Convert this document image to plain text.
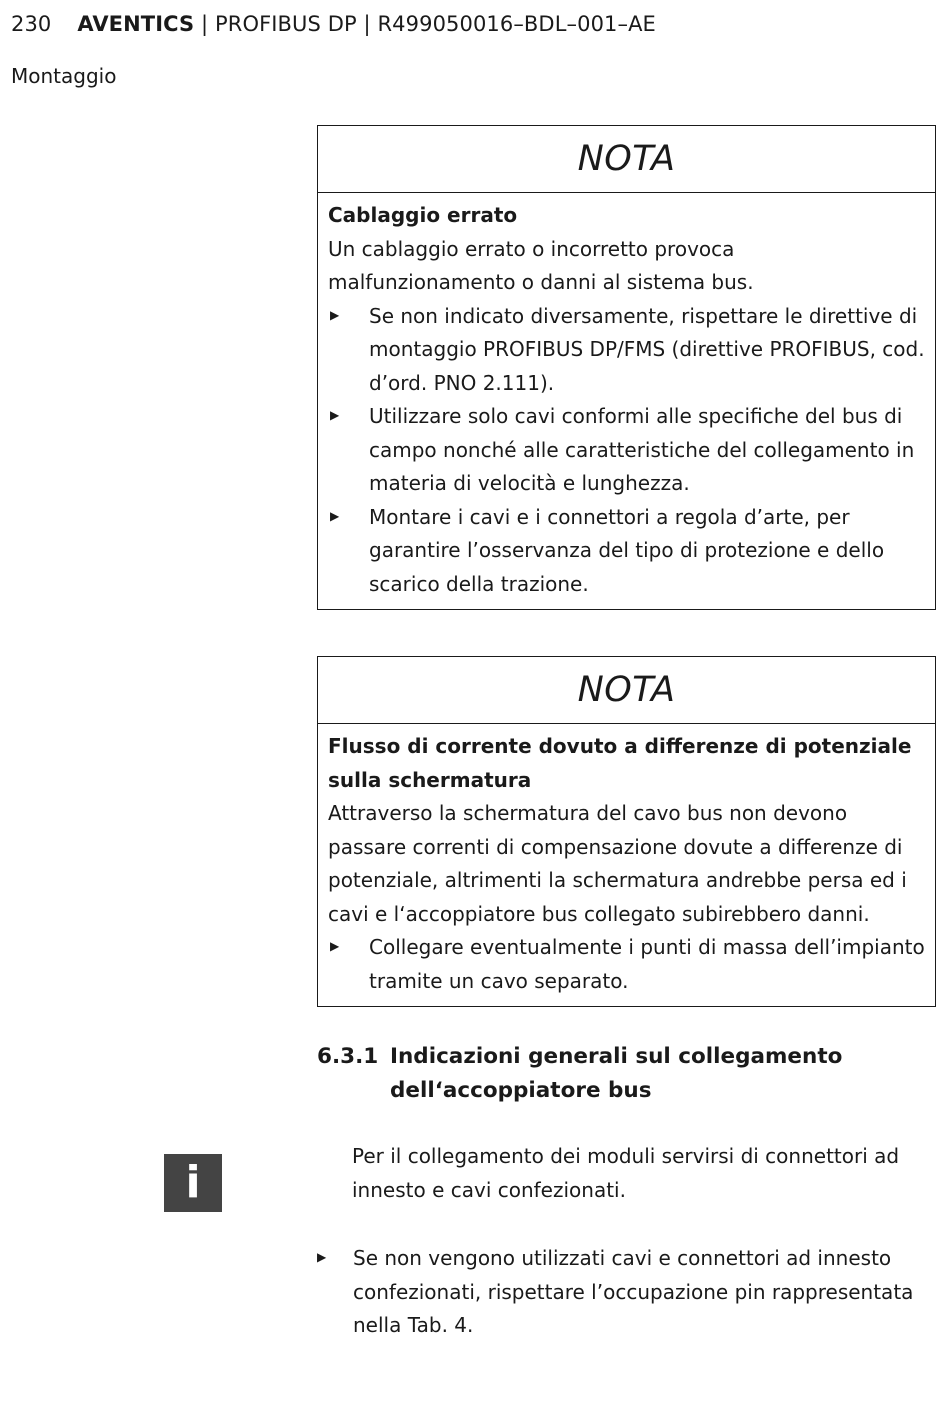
230 AVENTICS | PROFIBUS DP | R499050016–BDL–001–AE
Montaggio
NOTA
Cablaggio errato
Un cablaggio errato o incorretto provoca malfunzionamento o danni al sistema bus.
▶ Se non indicato diversamente, rispettare le direttive di montaggio PROFIBUS DP/FMS (direttive PROFIBUS, cod. d’ord. PNO 2.111).
▶ Utilizzare solo cavi conformi alle specifiche del bus di campo nonché alle caratteristiche del collegamento in materia di velocità e lunghezza.
▶ Montare i cavi e i connettori a regola d’arte, per garantire l’osservanza del tipo di protezione e dello scarico della trazione.
NOTA
Flusso di corrente dovuto a differenze di potenziale sulla schermatura
Attraverso la schermatura del cavo bus non devono passare correnti di compensazione dovute a differenze di potenziale, altrimenti la schermatura andrebbe persa ed i cavi e l‘accoppiatore bus collegato subirebbero danni.
▶ Collegare eventualmente i punti di massa dell’impianto tramite un cavo separato.
6.3.1 Indicazioni generali sul collegamento dell‘accoppiatore bus
i
Per il collegamento dei moduli servirsi di connettori ad innesto e cavi confezionati.
▶ Se non vengono utilizzati cavi e connettori ad innesto confezionati, rispettare l’occupazione pin rappresentata nella Tab. 4.
